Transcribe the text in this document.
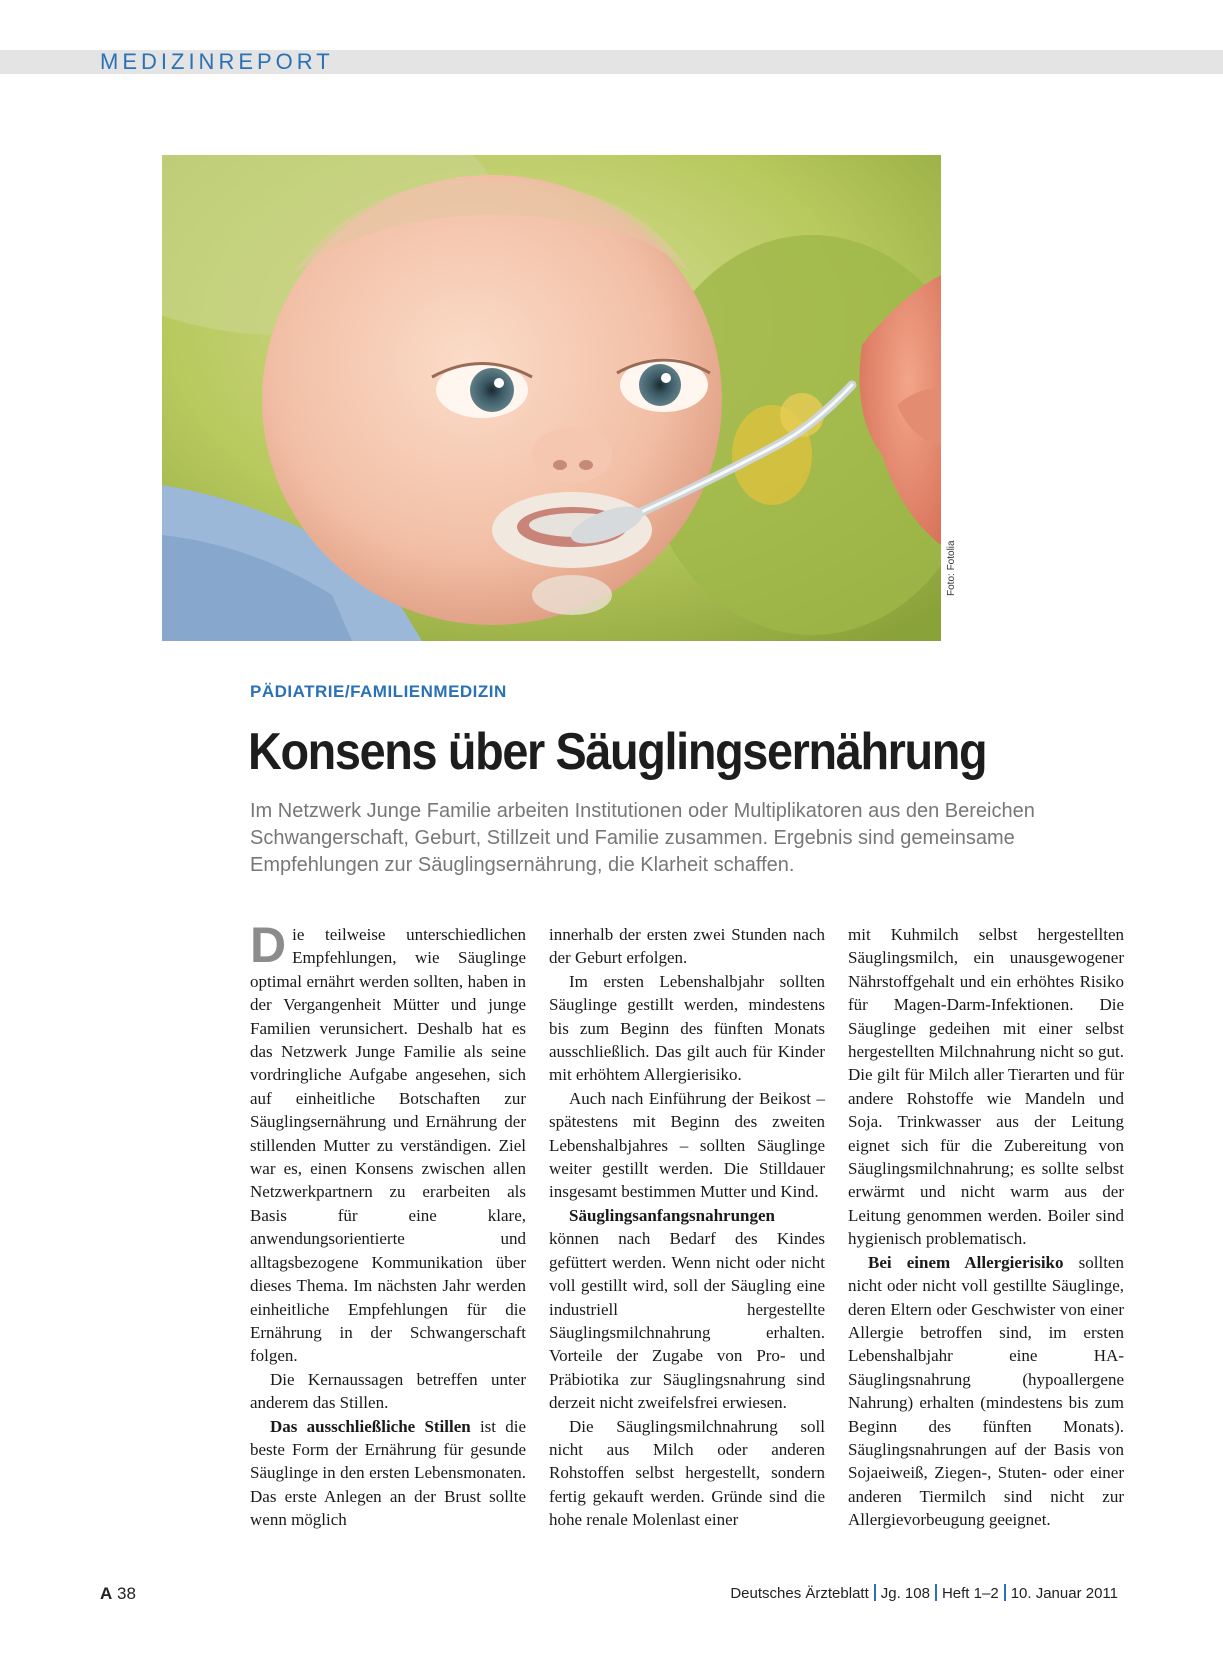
MEDIZINREPORT
Foto: Fotolia
PÄDIATRIE/FAMILIENMEDIZIN
Konsens über Säuglingsernährung
Im Netzwerk Junge Familie arbeiten Institutionen oder Multiplikatoren aus den Bereichen Schwangerschaft, Geburt, Stillzeit und Familie zusammen. Ergebnis sind gemeinsame Empfehlungen zur Säuglingsernährung, die Klarheit schaffen.

Die teilweise unterschiedlichen Empfehlungen, wie Säuglinge optimal ernährt werden sollten, haben in der Vergangenheit Mütter und junge Familien verunsichert. Deshalb hat es das Netzwerk Junge Familie als seine vordringliche Aufgabe angesehen, sich auf einheitliche Botschaften zur Säuglingsernährung und Ernährung der stillenden Mutter zu verständigen. Ziel war es, einen Konsens zwischen allen Netzwerkpartnern zu erarbeiten als Basis für eine klare, anwendungsorientierte und alltagsbezogene Kommunikation über dieses Thema. Im nächsten Jahr werden einheitliche Empfehlungen für die Ernährung in der Schwangerschaft folgen.

Die Kernaussagen betreffen unter anderem das Stillen.

Das ausschließliche Stillen ist die beste Form der Ernährung für gesunde Säuglinge in den ersten Lebensmonaten. Das erste Anlegen an der Brust sollte wenn möglich

innerhalb der ersten zwei Stunden nach der Geburt erfolgen.

Im ersten Lebenshalbjahr sollten Säuglinge gestillt werden, mindestens bis zum Beginn des fünften Monats ausschließlich. Das gilt auch für Kinder mit erhöhtem Allergierisiko.

Auch nach Einführung der Beikost – spätestens mit Beginn des zweiten Lebenshalbjahres – sollten Säuglinge weiter gestillt werden. Die Stilldauer insgesamt bestimmen Mutter und Kind.

Säuglingsanfangsnahrungen können nach Bedarf des Kindes gefüttert werden. Wenn nicht oder nicht voll gestillt wird, soll der Säugling eine industriell hergestellte Säuglingsmilchnahrung erhalten. Vorteile der Zugabe von Pro- und Präbiotika zur Säuglingsnahrung sind derzeit nicht zweifelsfrei erwiesen.

Die Säuglingsmilchnahrung soll nicht aus Milch oder anderen Rohstoffen selbst hergestellt, sondern fertig gekauft werden. Gründe sind die hohe renale Molenlast einer

mit Kuhmilch selbst hergestellten Säuglingsmilch, ein unausgewogener Nährstoffgehalt und ein erhöhtes Risiko für Magen-Darm-Infektionen. Die Säuglinge gedeihen mit einer selbst hergestellten Milchnahrung nicht so gut. Die gilt für Milch aller Tierarten und für andere Rohstoffe wie Mandeln und Soja. Trinkwasser aus der Leitung eignet sich für die Zubereitung von Säuglingsmilchnahrung; es sollte selbst erwärmt und nicht warm aus der Leitung genommen werden. Boiler sind hygienisch problematisch.

Bei einem Allergierisiko sollten nicht oder nicht voll gestillte Säuglinge, deren Eltern oder Geschwister von einer Allergie betroffen sind, im ersten Lebenshalbjahr eine HA-Säuglingsnahrung (hypoallergene Nahrung) erhalten (mindestens bis zum Beginn des fünften Monats). Säuglingsnahrungen auf der Basis von Sojaeiweiß, Ziegen-, Stuten- oder einer anderen Tiermilch sind nicht zur Allergievorbeugung geeignet.

A 38	Deutsches Ärzteblatt Jg. 108 Heft 1–2 10. Januar 2011
